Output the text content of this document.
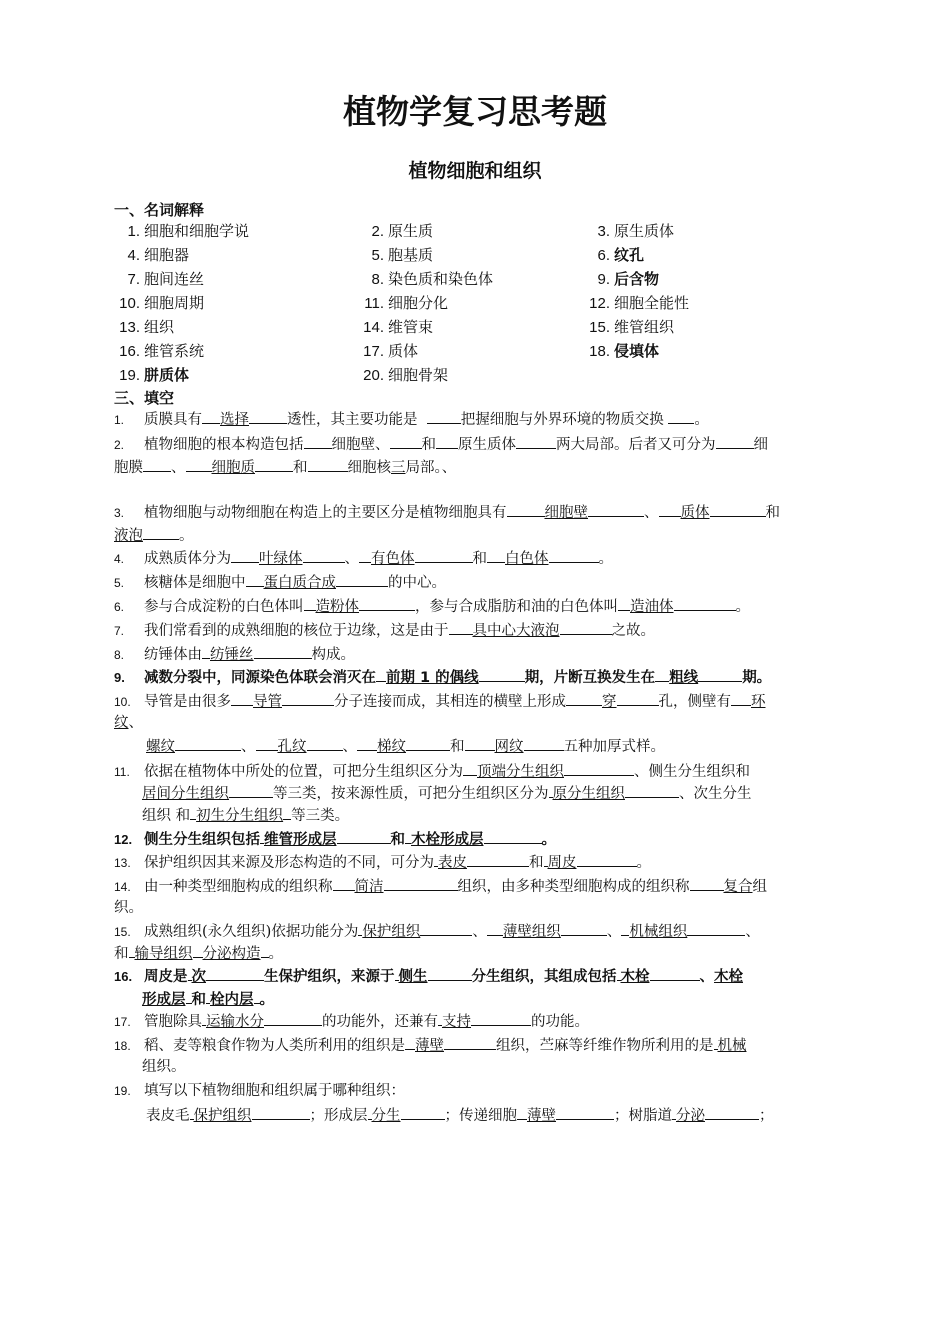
植物学复习思考题
植物细胞和组织
一、名词解释
1. 细胞和细胞学说	2. 原生质	3. 原生质体
4. 细胞器	5. 胞基质	6. 纹孔
7. 胞间连丝	8. 染色质和染色体	9. 后含物
10. 细胞周期	11. 细胞分化	12. 细胞全能性
13. 组织	14. 维管束	15. 维管组织
16. 维管系统	17. 质体	18. 侵填体
19. 胼质体	20. 细胞骨架
三、填空
1. 质膜具有 选择	透性，其主要功能是	把握细胞与外界环境的物质交换 。
2. 植物细胞的根本构造包括 细胞壁、 和 原生质体	两大局部。后者又可分为	细
胞膜 、 细胞质	和	细胞核三局部。、
3. 植物细胞与动物细胞在构造上的主要区分是植物细胞具有	细胞壁	、 质体	和
液泡 。
4. 成熟质体分为 叶绿体	、 有色体	和 白色体	。
5. 核糖体是细胞中 蛋白质合成	的中心。
6. 参与合成淀粉的白色体叫 造粉体	，参与合成脂肪和油的白色体叫 造油体	。
7. 我们常看到的成熟细胞的核位于边缘，这是由于 具中心大液泡	之故。
8. 纺锤体由 纺锤丝	构成。
9. 减数分裂中，同源染色体联会消灭在 前期 1 的偶线	期，片断互换发生在 粗线	期。
10. 导管是由很多 导管	分子连接而成，其相连的横壁上形成 穿	孔，侧壁有 环
纹、
螺纹	、 孔纹 、 梯纹	和 网纹	五种加厚式样。
11. 依据在植物体中所处的位置，可把分生组织区分为 顶端分生组织	、侧生分生组织和
居间分生组织	等三类，按来源性质，可把分生组织区分为 原分生组织	、次生分生
组织 和 初生分生组织 等三类。
12. 侧生分生组织包括 维管形成层	和 木栓形成层	。
13. 保护组织因其来源及形态构造的不同，可分为 表皮	和 周皮	。
14. 由一种类型细胞构成的组织称 简洁	组织，由多种类型细胞构成的组织称 复合组
织。
15. 成熟组织(永久组织)依据功能分为 保护组织	、 薄壁组织	、 机械组织	、
和 输导组织 分泌构造 。
16. 周皮是 次	生保护组织，来源于 侧生	分生组织，其组成包括 木栓	、木栓
形成层 和 栓内层 。
17. 管胞除具 运输水分	的功能外，还兼有 支持	的功能。
18. 稻、麦等粮食作物为人类所利用的组织是 薄壁	组织，苎麻等纤维作物所利用的是 机械
组织。
19. 填写以下植物细胞和组织属于哪种组织：
表皮毛 保护组织	；形成层 分生	；传递细胞 薄壁	；树脂道 分泌	；
